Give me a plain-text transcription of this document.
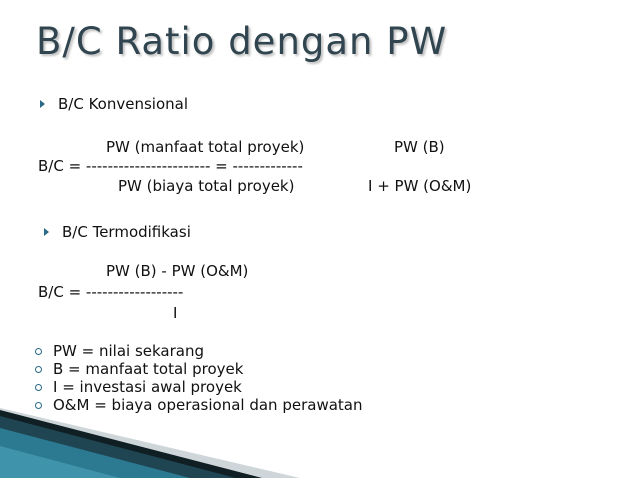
B/C Ratio dengan PW
B/C Konvensional
PW (manfaat total proyek)	PW (B)
B/C = ----------------------- = -------------
PW (biaya total proyek)	I + PW (O&M)
B/C Termodifikasi
PW (B) - PW (O&M)
B/C = ------------------
I
PW = nilai sekarang
B = manfaat total proyek
I = investasi awal proyek
O&M = biaya operasional dan perawatan
